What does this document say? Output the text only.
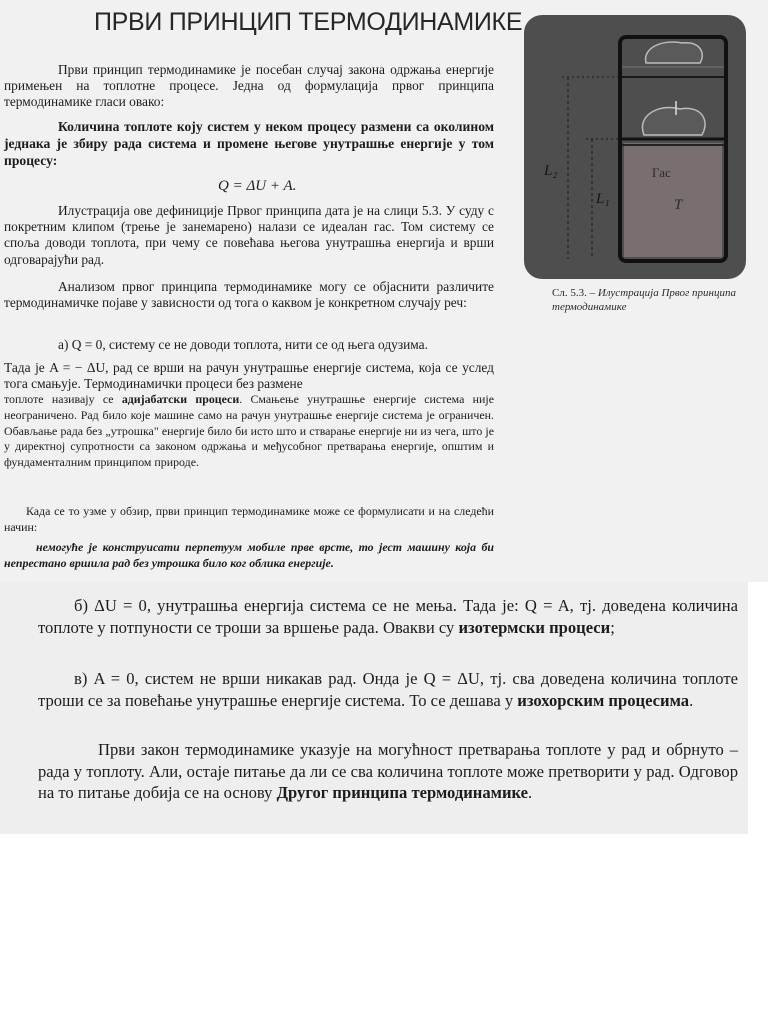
ПРВИ ПРИНЦИП ТЕРМОДИНАМИКЕ

Први принцип термодинамике је посебан случај закона одржања енергије примењен на топлотне процесе. Једна од формулација првог принципа термодинамике гласи овако:

Количина топлоте коју систем у неком процесу размени са околином једнака је збиру рада система и промене његове унутрашње енергије у том процесу:

Q = ΔU + A.

Илустрација ове дефиниције Првог принципа дата је на слици 5.3. У суду с покретним клипом (трење је занемарено) налази се идеалан гас. Том систему се споља доводи топлота, при чему се повећава његова унутрашња енергија и врши одговарајући рад.

Анализом првог принципа термодинамике могу се објаснити различите термодинамичке појаве у зависности од тога о каквом је конкретном случају реч:

а) Q = 0, систему се не доводи топлота, нити се од њега одузима.

Тада је A = − ΔU, рад се врши на рачун унутрашње енергије система, која се услед тога смањује. Термодинамички процеси без размене

топлоте називају се адијабатски процеси. Смањење унутрашње енергије система није неограничено. Рад било које машине само на рачун унутрашње енергије система је ограничен. Обављање рада без „утрошка" енергије било би исто што и стварање енергије ни из чега, што је у директној супротности са законом одржања и међусобног претварања енергије, општим и фундаменталним принципом природе.

Када се то узме у обзир, први принцип термодинамике може се формулисати и на следећи начин:

немогуће је конструисати перпетуум мобиле прве врсте, то јест машину која би непрестано вршила рад без утрошка било ког облика енергије.

L₂
L₁
Гас
T
Сл. 5.3. – Илустрација Првог принципа термодинамике

б) ΔU = 0, унутрашња енергија система се не мења. Тада је: Q = A, тј. доведена количина топлоте у потпуности се троши за вршење рада. Овакви су изотермски процеси;

в) A = 0, систем не врши никакав рад. Онда је Q = ΔU, тј. сва доведена количина топлоте троши се за повећање унутрашње енергије система. То се дешава у изохорским процесима.

Први закон термодинамике указује на могућност претварања топлоте у рад и обрнуто – рада у топлоту. Али, остаје питање да ли се сва количина топлоте може претворити у рад. Одговор на то питање добија се на основу Другог принципа термодинамике.
